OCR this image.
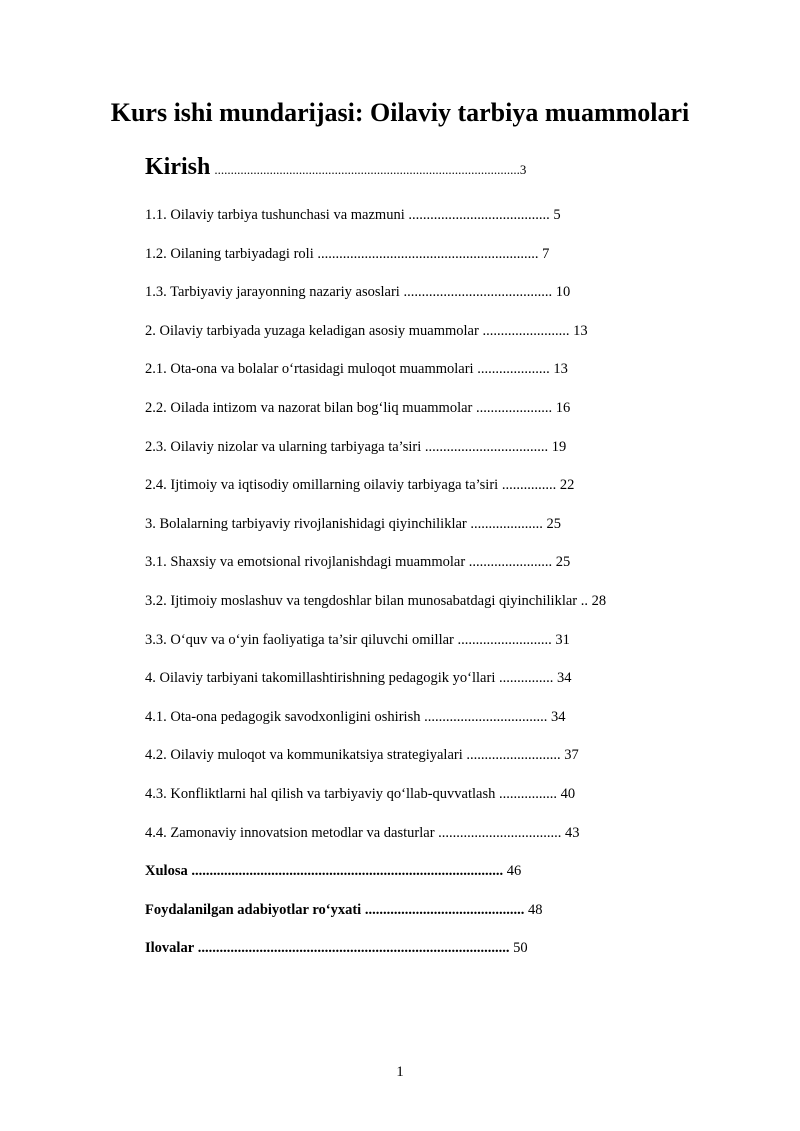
Kurs ishi mundarijasi: Oilaviy tarbiya muammolari
Kirish ..............................................................................................3
1.1. Oilaviy tarbiya tushunchasi va mazmuni ....................................... 5
1.2. Oilaning tarbiyadagi roli ............................................................. 7
1.3. Tarbiyaviy jarayonning nazariy asoslari ......................................... 10
2. Oilaviy tarbiyada yuzaga keladigan asosiy muammolar ........................ 13
2.1. Ota-ona va bolalar o‘rtasidagi muloqot muammolari .................... 13
2.2. Oilada intizom va nazorat bilan bog‘liq muammolar ..................... 16
2.3. Oilaviy nizolar va ularning tarbiyaga ta’siri .................................. 19
2.4. Ijtimoiy va iqtisodiy omillarning oilaviy tarbiyaga ta’siri ............... 22
3. Bolalarning tarbiyaviy rivojlanishidagi qiyinchiliklar .................... 25
3.1. Shaxsiy va emotsional rivojlanishdagi muammolar ....................... 25
3.2. Ijtimoiy moslashuv va tengdoshlar bilan munosabatdagi qiyinchiliklar .. 28
3.3. O‘quv va o‘yin faoliyatiga ta’sir qiluvchi omillar .......................... 31
4. Oilaviy tarbiyani takomillashtirishning pedagogik yo‘llari ............... 34
4.1. Ota-ona pedagogik savodxonligini oshirish .................................. 34
4.2. Oilaviy muloqot va kommunikatsiya strategiyalari .......................... 37
4.3. Konfliktlarni hal qilish va tarbiyaviy qo‘llab-quvvatlash ................ 40
4.4. Zamonaviy innovatsion metodlar va dasturlar .................................. 43
Xulosa ...................................................................................... 46
Foydalanilgan adabiyotlar ro‘yxati ............................................ 48
Ilovalar ...................................................................................... 50
1
